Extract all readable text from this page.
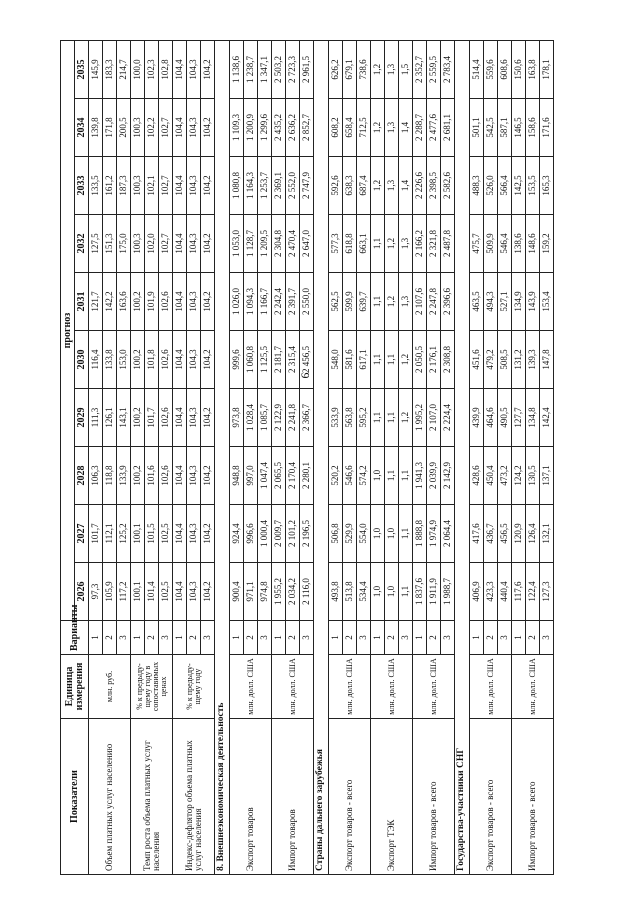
9
Показатели	Единица измерения	Варианты	прогноз									
			2026	2027	2028	2029	2030	2031	2032	2033	2034	2035
Объем платных услуг населению	млн. руб.	1	97,3	101,7	106,3	111,3	116,4	121,7	127,5	133,5	139,8	145,9
		2	105,9	112,1	118,8	126,1	133,8	142,2	151,3	161,2	171,8	183,3
		3	117,2	125,2	133,9	143,1	153,0	163,6	175,0	187,3	200,5	214,7
Темп роста объема платных услуг населения	% к предыду-щему году в сопоставимых ценах	1	100,1	100,1	100,2	100,2	100,2	100,2	100,3	100,3	100,3	100,0
		2	101,4	101,5	101,6	101,7	101,8	101,9	102,0	102,1	102,2	102,3
		3	102,5	102,5	102,6	102,6	102,6	102,6	102,7	102,7	102,7	102,8
Индекс-дефлятор объема платных услуг населения	% к предыду-щему году	1	104,4	104,4	104,4	104,4	104,4	104,4	104,4	104,4	104,4	104,4
		2	104,3	104,3	104,3	104,3	104,3	104,3	104,3	104,3	104,3	104,3
		3	104,2	104,2	104,2	104,2	104,2	104,2	104,2	104,2	104,2	104,2
8. Внешнеэкономическая деятельность												
Экспорт товаров	млн. долл. США	1	900,4	924,4	948,8	973,8	999,6	1 026,0	1 053,0	1 080,8	1 109,3	1 138,6
		2	971,1	996,6	997,0	1 028,4	1 060,8	1 094,3	1 128,7	1 164,3	1 200,9	1 238,7
		3	974,8	1 000,4	1 047,4	1 085,7	1 125,5	1 166,7	1 209,5	1 253,7	1 299,6	1 347,1
Импорт товаров	млн. долл. США	1	1 955,2	2 009,7	2 065,5	2 122,9	2 181,7	2 242,4	2 304,8	2 369,1	2 435,2	2 503,2
		2	2 034,2	2 101,2	2 170,4	2 241,8	2 315,4	2 391,7	2 470,4	2 552,0	2 636,2	2 723,3
		3	2 116,0	2 196,5	2 280,1	2 366,7	2 456,5	2 550,0	2 647,0	2 747,9	2 852,7	2 961,5
Страны дальнего зарубежья												
Экспорт товаров - всего	млн. долл. США	1	493,8	506,8	520,2	533,9	548,0	562,5	577,3	592,6	608,2	626,2
		2	513,8	529,9	546,6	563,8	581,6	599,9	618,8	638,3	658,4	679,1
		3	534,4	554,0	574,2	595,2	617,1	639,7	663,1	687,4	712,5	738,6
Экспорт ТЭК	млн. долл. США	1	1,0	1,0	1,0	1,1	1,1	1,1	1,1	1,2	1,2	1,2
		2	1,0	1,0	1,1	1,1	1,1	1,2	1,2	1,3	1,3	1,3
		3	1,1	1,1	1,1	1,2	1,2	1,3	1,3	1,4	1,4	1,5
Импорт товаров - всего	млн. долл. США	1	1 837,6	1 888,8	1 941,3	1 995,2	2 050,5	2 107,6	2 166,2	2 226,6	2 288,7	2 352,7
		2	1 911,9	1 974,9	2 039,9	2 107,0	2 176,1	2 247,8	2 321,8	2 398,5	2 477,6	2 559,5
		3	1 988,7	2 064,4	2 142,9	2 224,4	2 308,8	2 396,6	2 487,8	2 582,6	2 681,1	2 783,4
Государства-участники СНГ												
Экспорт товаров - всего	млн. долл. США	1	406,9	417,6	428,6	439,9	451,6	463,5	475,7	488,3	501,1	514,4
		2	423,3	436,7	450,4	464,6	479,2	494,3	509,9	526,0	542,5	559,6
		3	440,4	456,5	473,2	490,5	508,5	527,1	546,4	566,4	587,1	608,6
Импорт товаров - всего	млн. долл. США	1	117,6	120,9	124,2	127,7	131,2	134,9	138,6	142,5	146,5	150,6
		2	122,4	126,4	130,5	134,8	139,3	143,9	148,6	153,5	158,6	163,8
		3	127,3	132,1	137,1	142,4	147,8	153,4	159,2	165,3	171,6	178,1
